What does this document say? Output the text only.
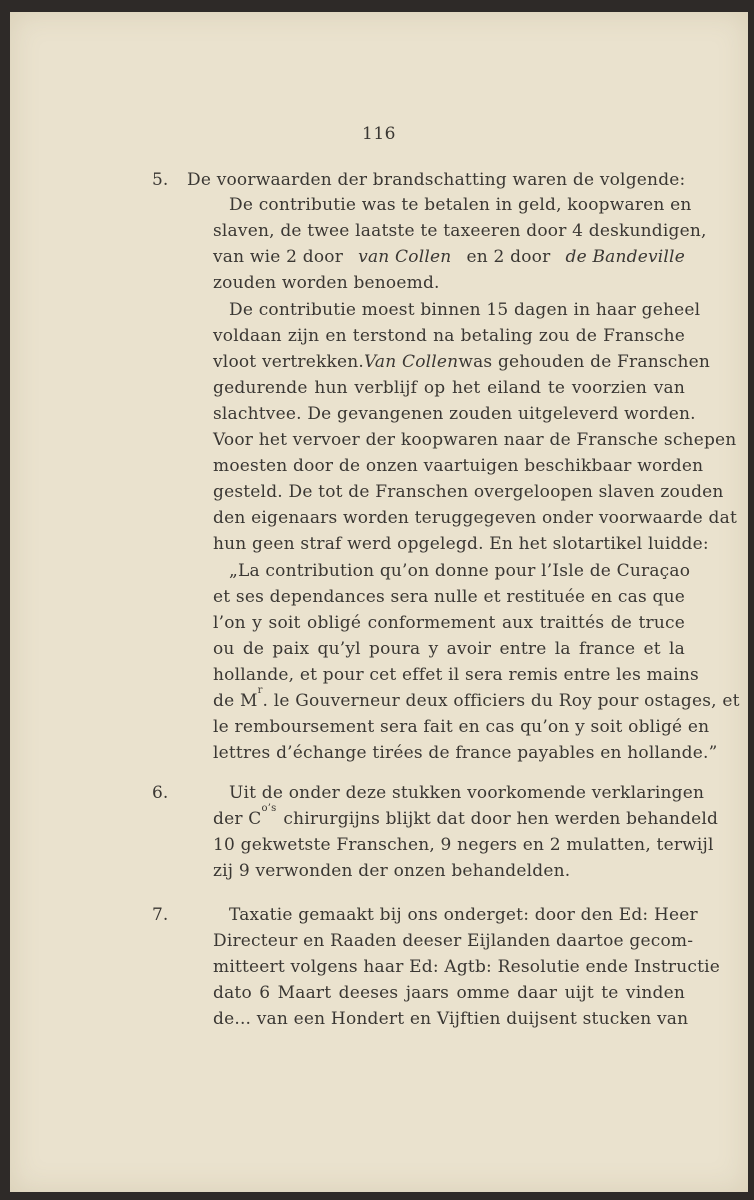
116
5. De voorwaarden der brandschatting waren de volgende:
De contributie was te betalen in geld, koopwaren en
slaven, de twee laatste te taxeeren door 4 deskundigen,
van wie 2 door van Collen en 2 door de Bandeville
zouden worden benoemd.
De contributie moest binnen 15 dagen in haar geheel
voldaan zijn en terstond na betaling zou de Fransche
vloot vertrekken. Van Collen was gehouden de Franschen
gedurende hun verblijf op het eiland te voorzien van
slachtvee. De gevangenen zouden uitgeleverd worden.
Voor het vervoer der koopwaren naar de Fransche schepen
moesten door de onzen vaartuigen beschikbaar worden
gesteld. De tot de Franschen overgeloopen slaven zouden
den eigenaars worden teruggegeven onder voorwaarde dat
hun geen straf werd opgelegd. En het slotartikel luidde:
„La contribution qu’on donne pour l’Isle de Curaçao
et ses dependances sera nulle et restituée en cas que
l’on y soit obligé conformement aux traittés de truce
ou de paix qu’yl poura y avoir entre la france et la
hollande, et pour cet effet il sera remis entre les mains
de M
r
. le Gouverneur deux officiers du Roy pour ostages, et
le remboursement sera fait en cas qu’on y soit obligé en
lettres d’échange tirées de france payables en hollande.”
6.	Uit de onder deze stukken voorkomende verklaringen
der C
o’s
chirurgijns blijkt dat door hen werden behandeld
10 gekwetste Franschen, 9 negers en 2 mulatten, terwijl
zij 9 verwonden der onzen behandelden.
7.	Taxatie gemaakt bij ons onderget: door den Ed: Heer
Directeur en Raaden deeser Eijlanden daartoe gecom-
mitteert volgens haar Ed: Agtb: Resolutie ende Instructie
dato 6 Maart deeses jaars omme daar uijt te vinden
de... van een Hondert en Vijftien duijsent stucken van
